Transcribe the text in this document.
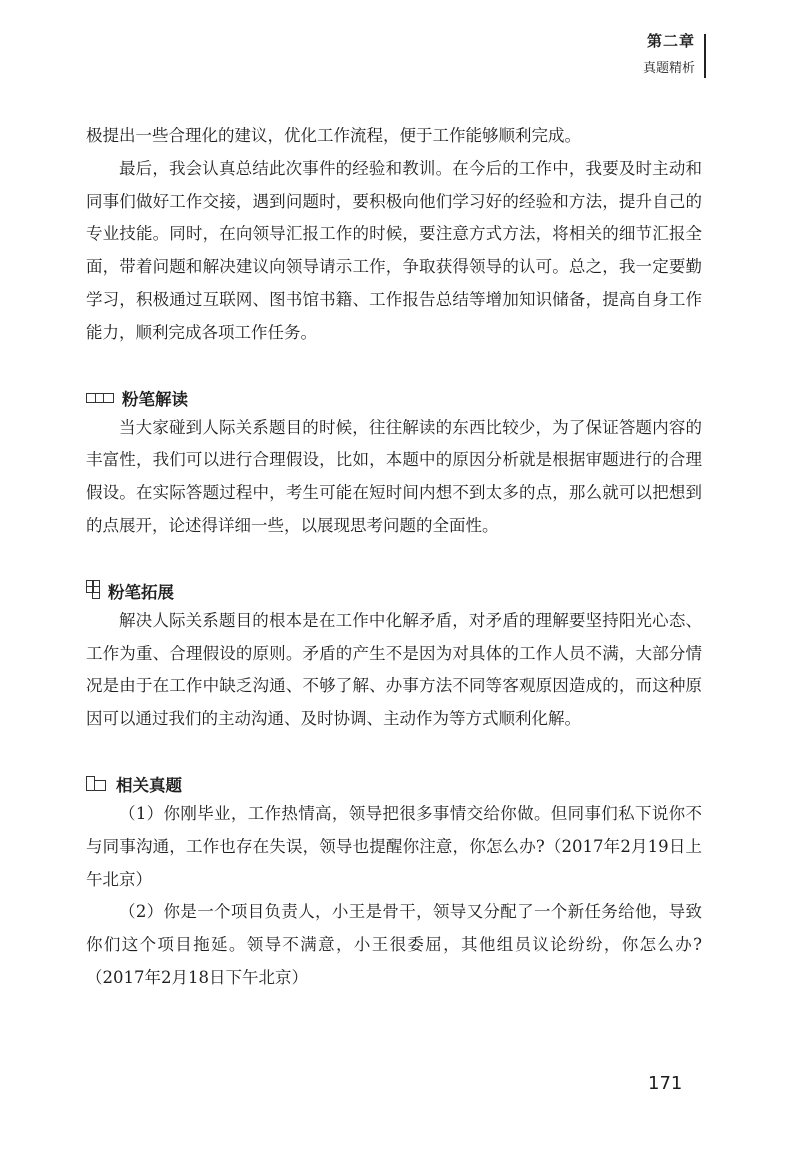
第二章
真题精析

极提出一些合理化的建议，优化工作流程，便于工作能够顺利完成。

最后，我会认真总结此次事件的经验和教训。在今后的工作中，我要及时主动和同事们做好工作交接，遇到问题时，要积极向他们学习好的经验和方法，提升自己的专业技能。同时，在向领导汇报工作的时候，要注意方式方法，将相关的细节汇报全面，带着问题和解决建议向领导请示工作，争取获得领导的认可。总之，我一定要勤学习，积极通过互联网、图书馆书籍、工作报告总结等增加知识储备，提高自身工作能力，顺利完成各项工作任务。

粉笔解读

当大家碰到人际关系题目的时候，往往解读的东西比较少，为了保证答题内容的丰富性，我们可以进行合理假设，比如，本题中的原因分析就是根据审题进行的合理假设。在实际答题过程中，考生可能在短时间内想不到太多的点，那么就可以把想到的点展开，论述得详细一些，以展现思考问题的全面性。

粉笔拓展

解决人际关系题目的根本是在工作中化解矛盾，对矛盾的理解要坚持阳光心态、工作为重、合理假设的原则。矛盾的产生不是因为对具体的工作人员不满，大部分情况是由于在工作中缺乏沟通、不够了解、办事方法不同等客观原因造成的，而这种原因可以通过我们的主动沟通、及时协调、主动作为等方式顺利化解。

相关真题

（1）你刚毕业，工作热情高，领导把很多事情交给你做。但同事们私下说你不与同事沟通，工作也存在失误，领导也提醒你注意，你怎么办?（2017年2月19日上午北京）

（2）你是一个项目负责人，小王是骨干，领导又分配了一个新任务给他，导致你们这个项目拖延。领导不满意，小王很委屈，其他组员议论纷纷，你怎么办?（2017年2月18日下午北京）

171
